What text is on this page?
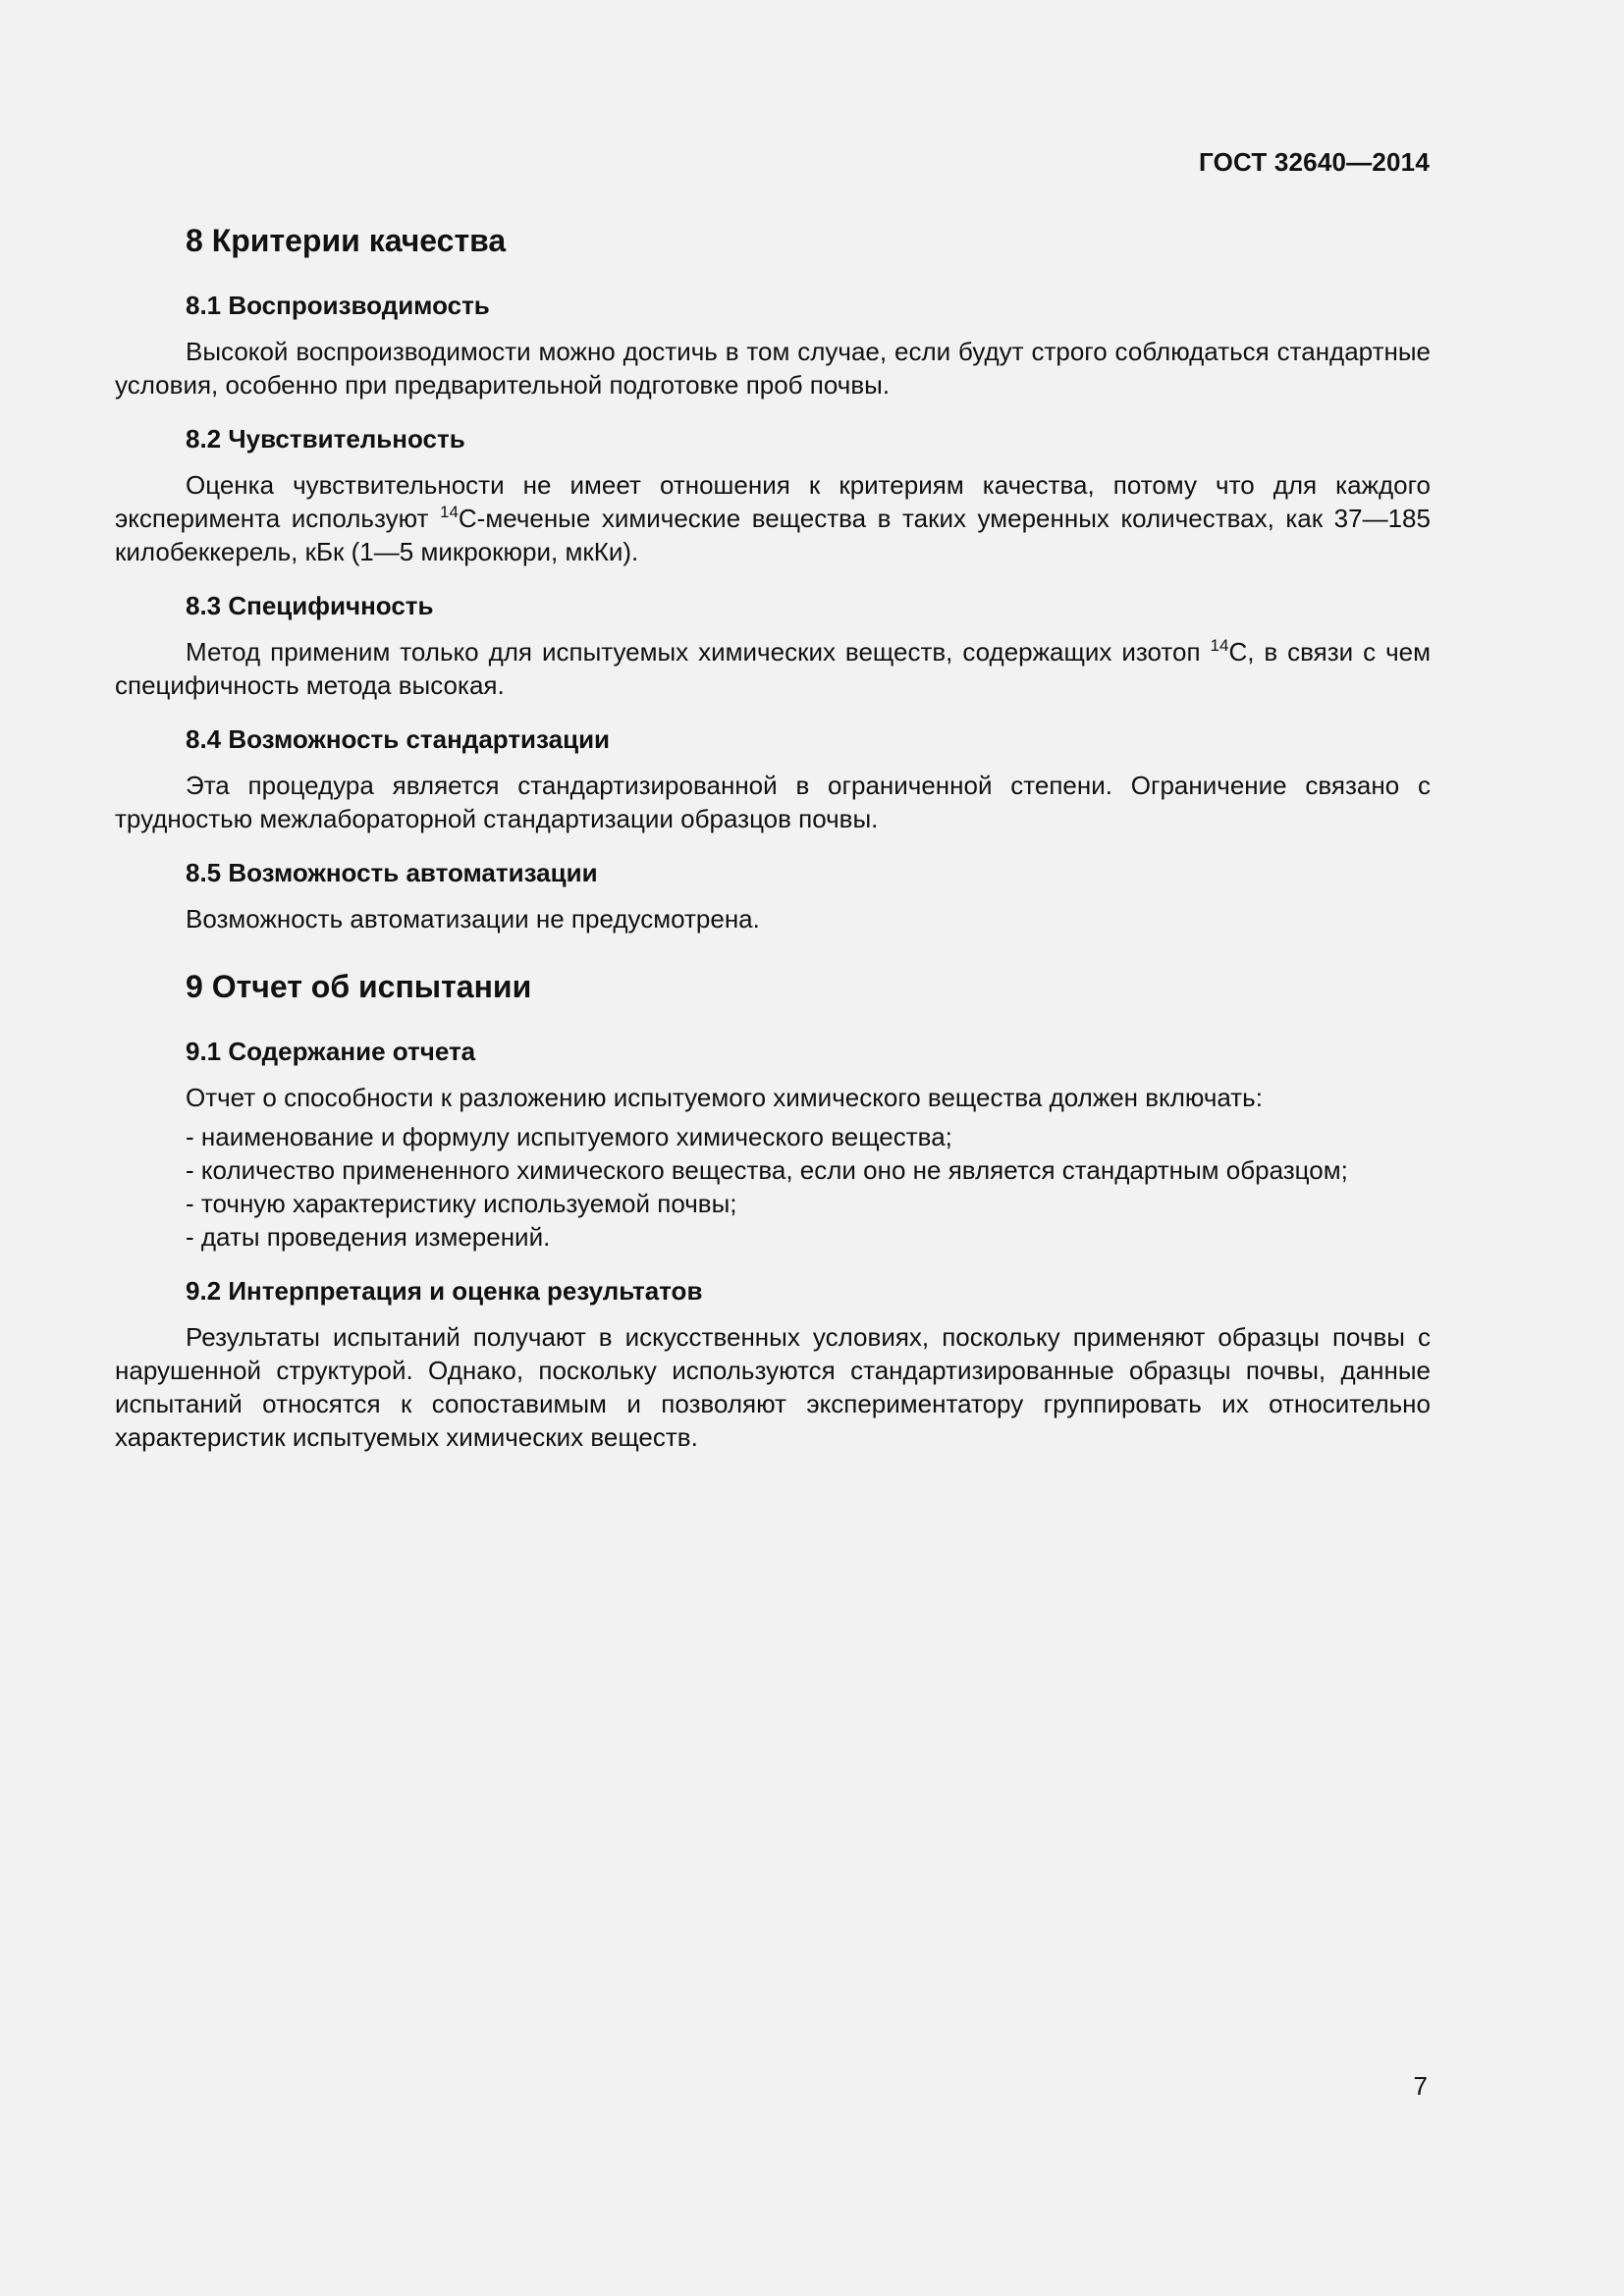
ГОСТ 32640—2014
8 Критерии качества
8.1 Воспроизводимость

Высокой воспроизводимости можно достичь в том случае, если будут строго соблюдаться стандартные условия, особенно при предварительной подготовке проб почвы.

8.2 Чувствительность

Оценка чувствительности не имеет отношения к критериям качества, потому что для каждого эксперимента используют $^{14}$С-меченые химические вещества в таких умеренных количествах, как 37—185 килобеккерель, кБк (1—5 микрокюри, мкКи).

8.3 Специфичность

Метод применим только для испытуемых химических веществ, содержащих изотоп $^{14}$С, в связи с чем специфичность метода высокая.

8.4 Возможность стандартизации

Эта процедура является стандартизированной в ограниченной степени. Ограничение связано с трудностью межлабораторной стандартизации образцов почвы.

8.5 Возможность автоматизации

Возможность автоматизации не предусмотрена.

9 Отчет об испытании
9.1 Содержание отчета

Отчет о способности к разложению испытуемого химического вещества должен включать:

- наименование и формулу испытуемого химического вещества;
- количество примененного химического вещества, если оно не является стандартным образцом;
- точную характеристику используемой почвы;
- даты проведения измерений.
9.2 Интерпретация и оценка результатов

Результаты испытаний получают в искусственных условиях, поскольку применяют образцы почвы с нарушенной структурой. Однако, поскольку используются стандартизированные образцы почвы, данные испытаний относятся к сопоставимым и позволяют экспериментатору группировать их относительно характеристик испытуемых химических веществ.

7
